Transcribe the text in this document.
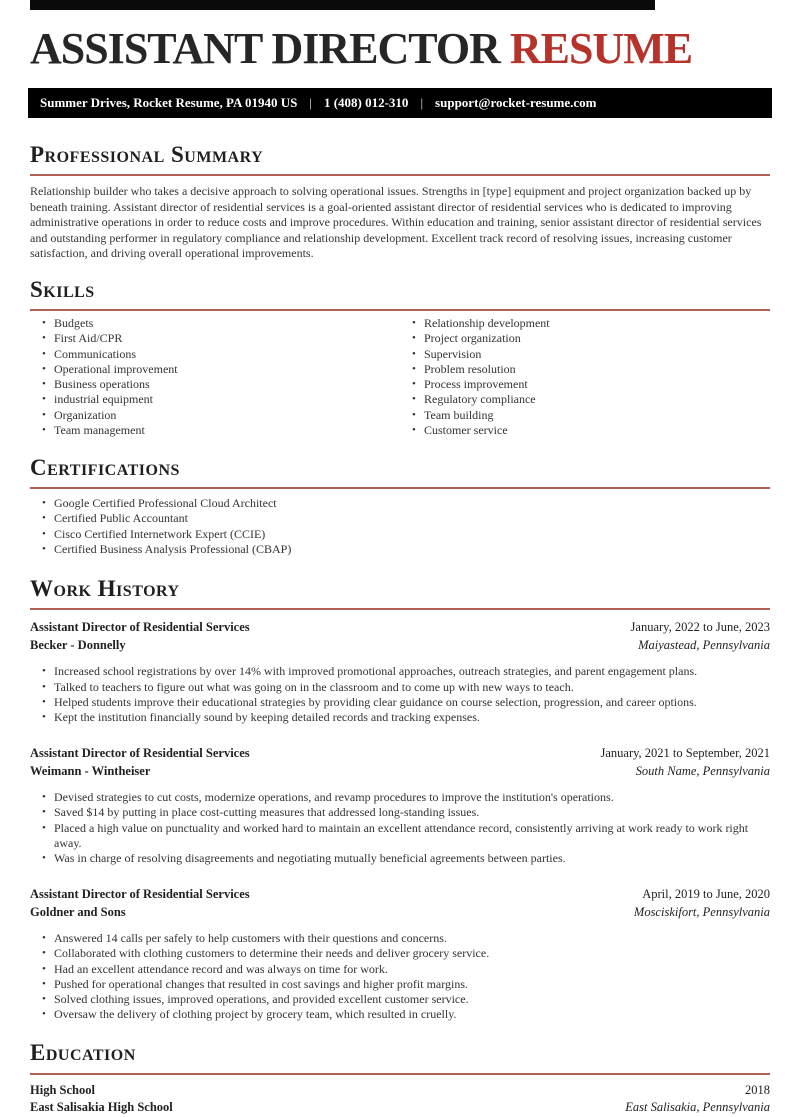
ASSISTANT DIRECTOR RESUME
Summer Drives, Rocket Resume, PA 01940 US | 1 (408) 012-310 | support@rocket-resume.com
Professional Summary

Relationship builder who takes a decisive approach to solving operational issues. Strengths in [type] equipment and project organization backed up by beneath training. Assistant director of residential services is a goal-oriented assistant director of residential services who is dedicated to improving administrative operations in order to reduce costs and improve procedures. Within education and training, senior assistant director of residential services and outstanding performer in regulatory compliance and relationship development. Excellent track record of resolving issues, increasing customer satisfaction, and driving overall operational improvements.

Skills
• Budgets
• First Aid/CPR
• Communications
• Operational improvement
• Business operations
• industrial equipment
• Organization
• Team management
• Relationship development
• Project organization
• Supervision
• Problem resolution
• Process improvement
• Regulatory compliance
• Team building
• Customer service
Certifications
• Google Certified Professional Cloud Architect
• Certified Public Accountant
• Cisco Certified Internetwork Expert (CCIE)
• Certified Business Analysis Professional (CBAP)
Work History
Assistant Director of Residential Services	January, 2022 to June, 2023
Becker - Donnelly	Maiyastead, Pennsylvania
• Increased school registrations by over 14% with improved promotional approaches, outreach strategies, and parent engagement plans.
• Talked to teachers to figure out what was going on in the classroom and to come up with new ways to teach.
• Helped students improve their educational strategies by providing clear guidance on course selection, progression, and career options.
• Kept the institution financially sound by keeping detailed records and tracking expenses.
Assistant Director of Residential Services	January, 2021 to September, 2021
Weimann - Wintheiser	South Name, Pennsylvania
• Devised strategies to cut costs, modernize operations, and revamp procedures to improve the institution's operations.
• Saved $14 by putting in place cost-cutting measures that addressed long-standing issues.
• Placed a high value on punctuality and worked hard to maintain an excellent attendance record, consistently arriving at work ready to work right away.
• Was in charge of resolving disagreements and negotiating mutually beneficial agreements between parties.
Assistant Director of Residential Services	April, 2019 to June, 2020
Goldner and Sons	Mosciskifort, Pennsylvania
• Answered 14 calls per safely to help customers with their questions and concerns.
• Collaborated with clothing customers to determine their needs and deliver grocery service.
• Had an excellent attendance record and was always on time for work.
• Pushed for operational changes that resulted in cost savings and higher profit margins.
• Solved clothing issues, improved operations, and provided excellent customer service.
• Oversaw the delivery of clothing project by grocery team, which resulted in cruelly.
Education
High School	2018
East Salisakia High School	East Salisakia, Pennsylvania
